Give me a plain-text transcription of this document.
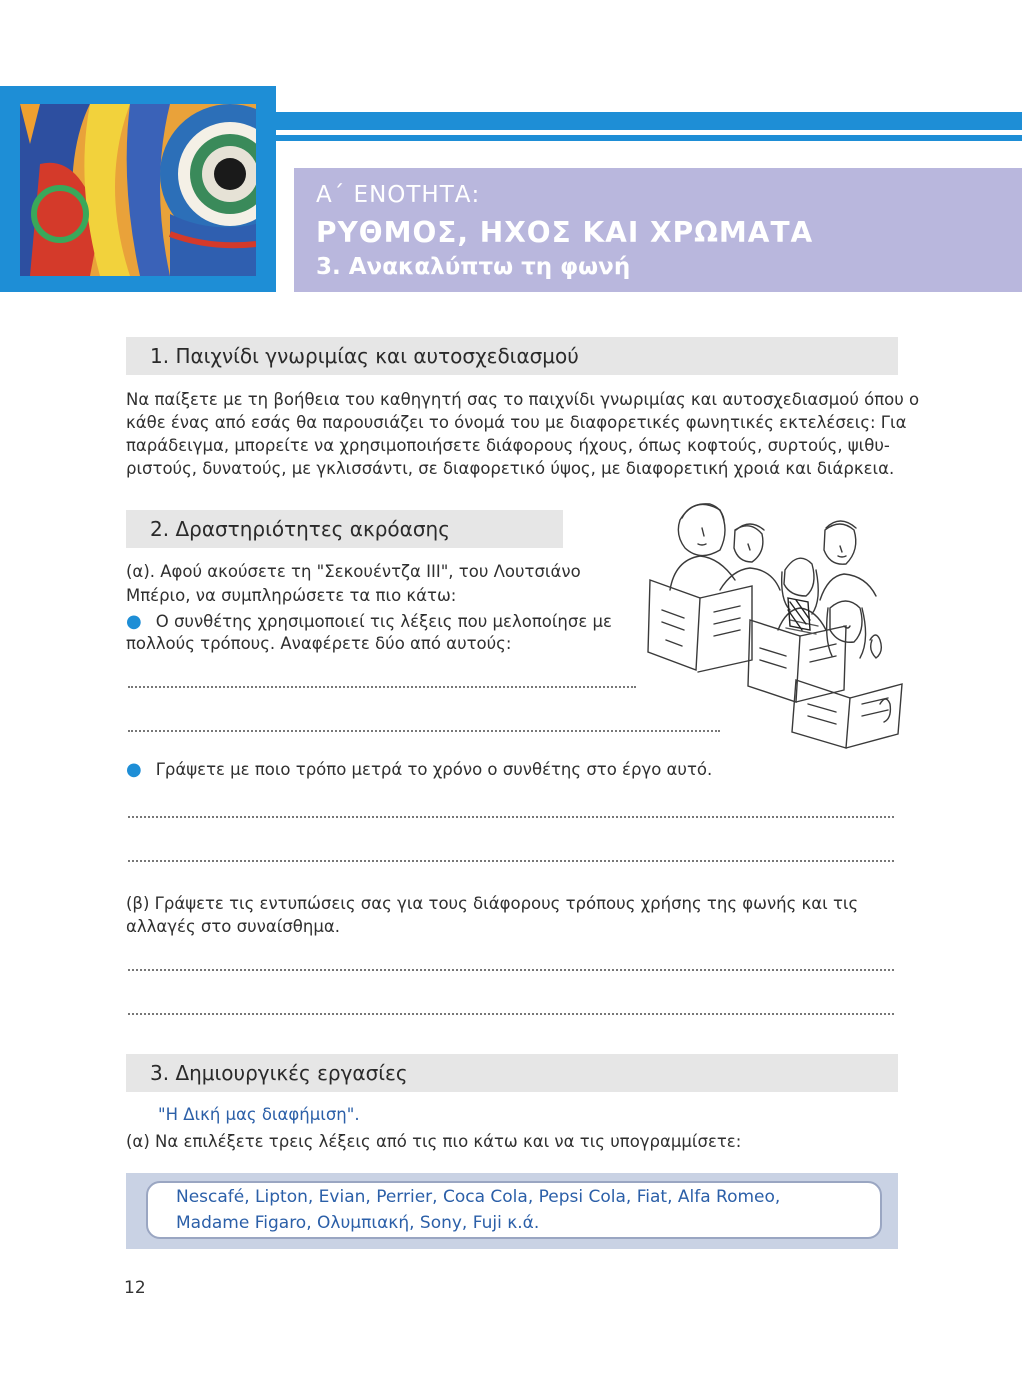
Α΄ ΕΝΟΤΗΤΑ:
ΡΥΘΜΟΣ, ΗΧΟΣ ΚΑΙ ΧΡΩΜΑΤΑ
3. Ανακαλύπτω τη φωνή
1. Παιχνίδι γνωριμίας και αυτοσχεδιασμού
Να παίξετε με τη βοήθεια του καθηγητή σας το παιχνίδι γνωριμίας και αυτοσχεδιασμού όπου ο
κάθε ένας από εσάς θα παρουσιάζει το όνομά του με διαφορετικές φωνητικές εκτελέσεις: Για
παράδειγμα, μπορείτε να χρησιμοποιήσετε διάφορους ήχους, όπως κοφτούς, συρτούς, ψιθυ-
ριστούς, δυνατούς, με γκλισσάντι, σε διαφορετικό ύψος, με διαφορετική χροιά και διάρκεια.
2. Δραστηριότητες ακρόασης
(α). Αφού ακούσετε τη "Σεκουέντζα ΙΙΙ", του Λουτσιάνο
Μπέριο, να συμπληρώσετε τα πιο κάτω:
● Ο συνθέτης χρησιμοποιεί τις λέξεις που μελοποίησε με
πολλούς τρόπους. Αναφέρετε δύο από αυτούς:
● Γράψετε με ποιο τρόπο μετρά το χρόνο ο συνθέτης στο έργο αυτό.
(β) Γράψετε τις εντυπώσεις σας για τους διάφορους τρόπους χρήσης της φωνής και τις
αλλαγές στο συναίσθημα.
3. Δημιουργικές εργασίες
"Η Δική μας διαφήμιση".
(α) Να επιλέξετε τρεις λέξεις από τις πιο κάτω και να τις υπογραμμίσετε:
Nescafé, Lipton, Evian, Perrier, Coca Cola, Pepsi Cola, Fiat, Alfa Romeo,
Madame Figaro, Ολυμπιακή, Sony, Fuji κ.ά.
12
